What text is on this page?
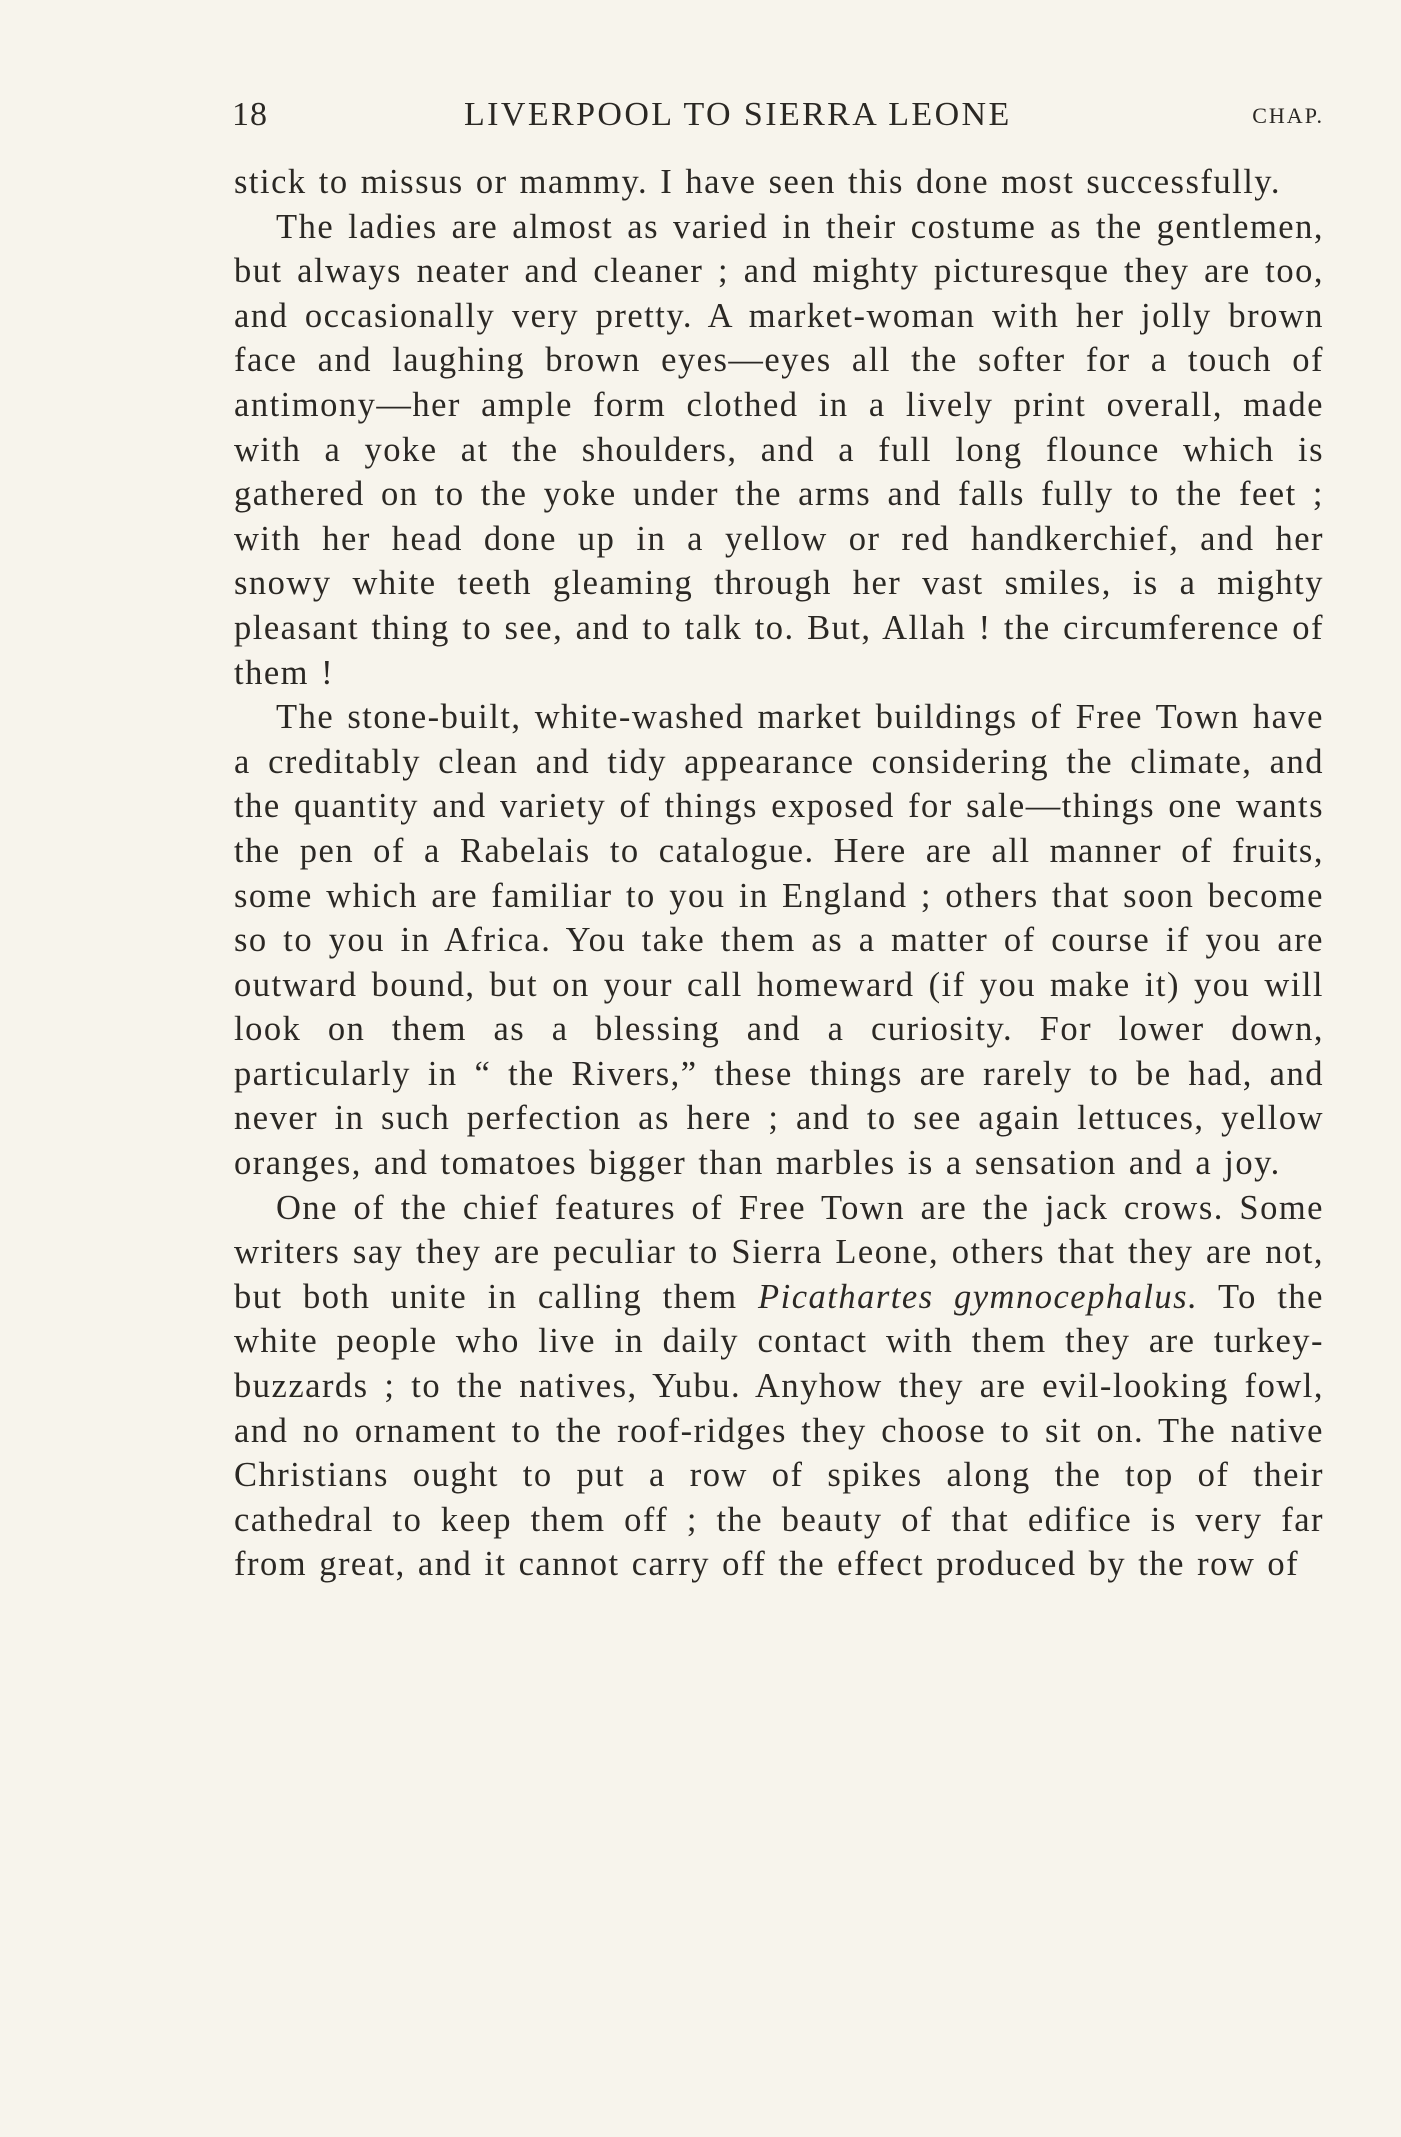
18	LIVERPOOL TO SIERRA LEONE	CHAP.

stick to missus or mammy. I have seen this done most successfully.

The ladies are almost as varied in their costume as the gentlemen, but always neater and cleaner ; and mighty picturesque they are too, and occasionally very pretty. A market-woman with her jolly brown face and laughing brown eyes—eyes all the softer for a touch of antimony—her ample form clothed in a lively print overall, made with a yoke at the shoulders, and a full long flounce which is gathered on to the yoke under the arms and falls fully to the feet ; with her head done up in a yellow or red handkerchief, and her snowy white teeth gleaming through her vast smiles, is a mighty pleasant thing to see, and to talk to. But, Allah ! the circumference of them !

The stone-built, white-washed market buildings of Free Town have a creditably clean and tidy appearance considering the climate, and the quantity and variety of things exposed for sale—things one wants the pen of a Rabelais to catalogue. Here are all manner of fruits, some which are familiar to you in England ; others that soon become so to you in Africa. You take them as a matter of course if you are outward bound, but on your call homeward (if you make it) you will look on them as a blessing and a curiosity. For lower down, particularly in “ the Rivers,” these things are rarely to be had, and never in such perfection as here ; and to see again lettuces, yellow oranges, and tomatoes bigger than marbles is a sensation and a joy.

One of the chief features of Free Town are the jack crows. Some writers say they are peculiar to Sierra Leone, others that they are not, but both unite in calling them Picathartes gymnocephalus. To the white people who live in daily contact with them they are turkey-buzzards ; to the natives, Yubu. Anyhow they are evil-looking fowl, and no ornament to the roof-ridges they choose to sit on. The native Christians ought to put a row of spikes along the top of their cathedral to keep them off ; the beauty of that edifice is very far from great, and it cannot carry off the effect produced by the row of
